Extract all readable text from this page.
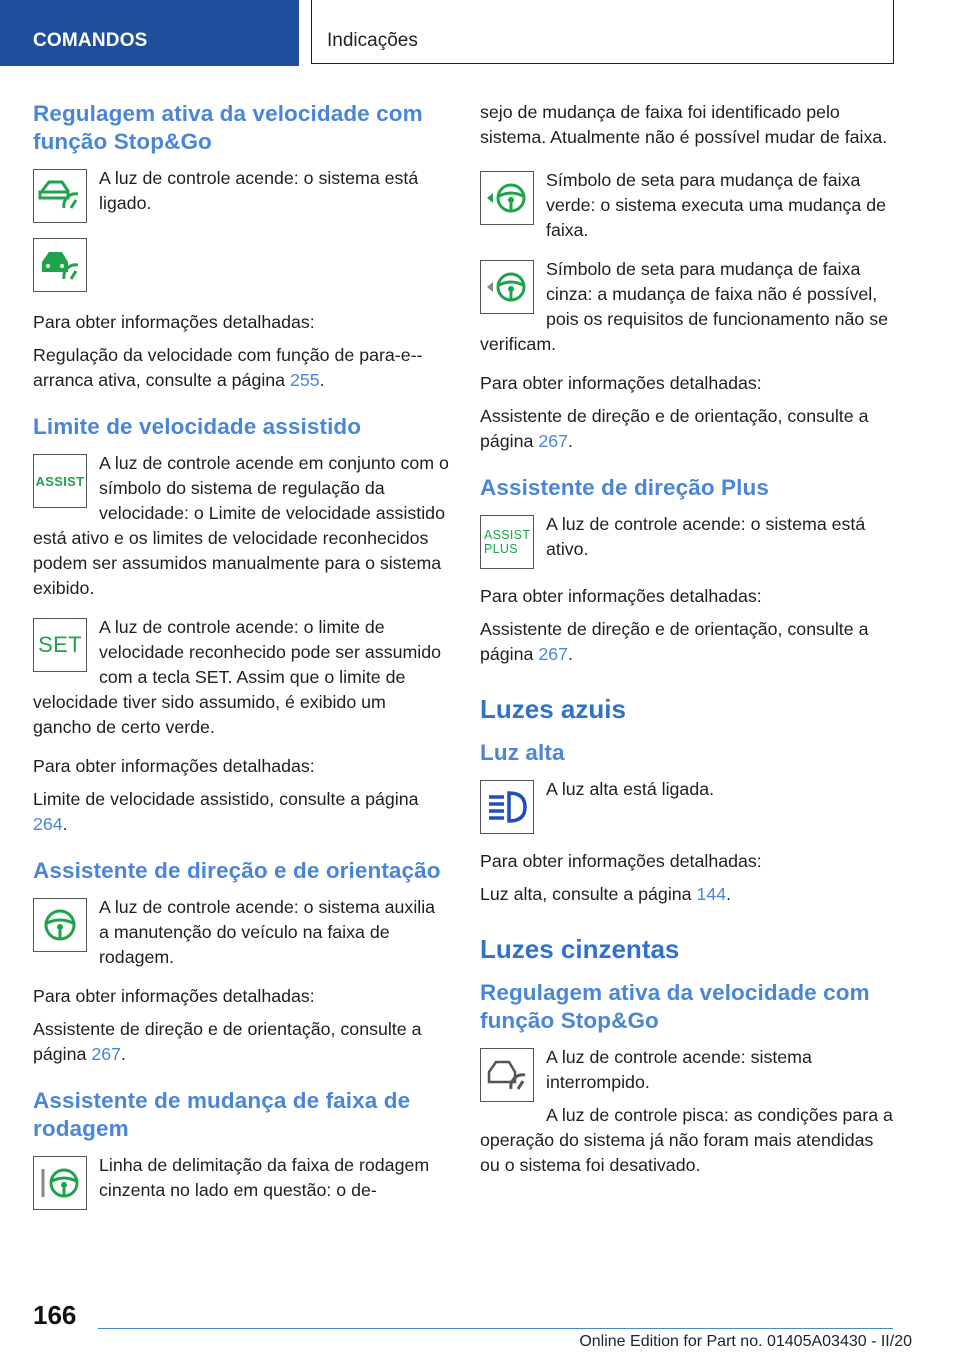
COMANDOS	Indicações
Regulagem ativa da velocidade com função Stop&Go

A luz de controle acende: o sistema está ligado.

Para obter informações detalhadas:

Regulação da velocidade com função de para-e--arranca ativa, consulte a página 255.

Limite de velocidade assistido
ASSIST

A luz de controle acende em conjunto com o símbolo do sistema de regulação da velocidade: o Limite de velocidade assistido está ativo e os limites de velocidade reconhecidos podem ser assumidos manualmente para o sistema exibido.

SET

A luz de controle acende: o limite de velocidade reconhecido pode ser assumido com a tecla SET. Assim que o limite de velocidade tiver sido assumido, é exibido um gancho de certo verde.

Para obter informações detalhadas:

Limite de velocidade assistido, consulte a página 264.

Assistente de direção e de orientação

A luz de controle acende: o sistema auxilia a manutenção do veículo na faixa de rodagem.

Para obter informações detalhadas:

Assistente de direção e de orientação, consulte a página 267.

Assistente de mudança de faixa de rodagem

Linha de delimitação da faixa de rodagem cinzenta no lado em questão: o de-

sejo de mudança de faixa foi identificado pelo sistema. Atualmente não é possível mudar de faixa.

Símbolo de seta para mudança de faixa verde: o sistema executa uma mudança de faixa.

Símbolo de seta para mudança de faixa cinza: a mudança de faixa não é possível, pois os requisitos de funcionamento não se verificam.

Para obter informações detalhadas:

Assistente de direção e de orientação, consulte a página 267.

Assistente de direção Plus
ASSIST
PLUS

A luz de controle acende: o sistema está ativo.

Para obter informações detalhadas:

Assistente de direção e de orientação, consulte a página 267.

Luzes azuis
Luz alta

A luz alta está ligada.

Para obter informações detalhadas:

Luz alta, consulte a página 144.

Luzes cinzentas
Regulagem ativa da velocidade com função Stop&Go

A luz de controle acende: sistema interrompido.

A luz de controle pisca: as condições para a operação do sistema já não foram mais atendidas ou o sistema foi desativado.

166
Online Edition for Part no. 01405A03430 - II/20
